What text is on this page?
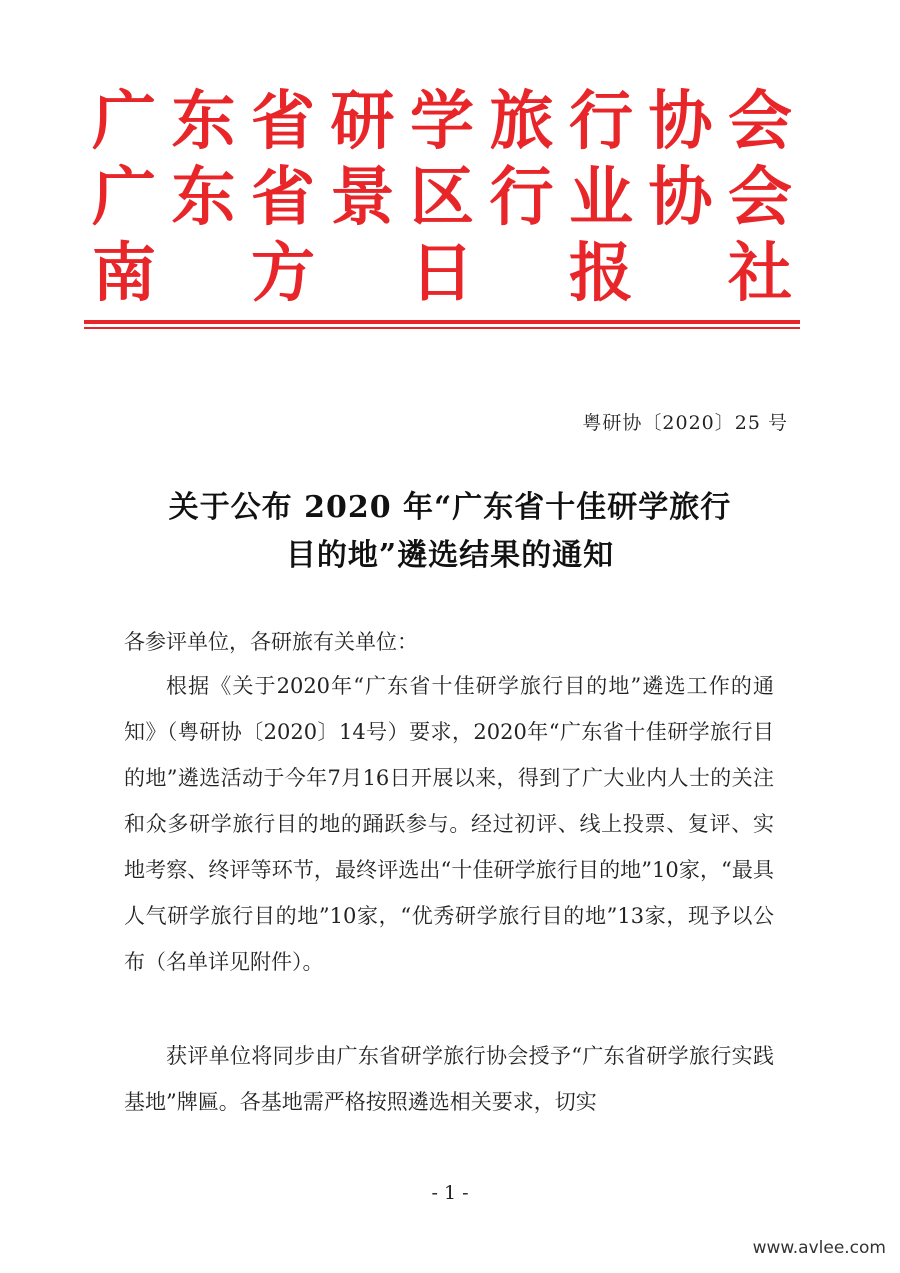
广 东 省 研 学 旅 行 协 会
广 东 省 景 区 行 业 协 会
南 方 日 报 社
粤研协〔2020〕25 号
关于公布 2020 年“广东省十佳研学旅行
目的地”遴选结果的通知
各参评单位，各研旅有关单位：

根据《关于2020年“广东省十佳研学旅行目的地”遴选工作的通知》（粤研协〔2020〕14号）要求，2020年“广东省十佳研学旅行目的地”遴选活动于今年7月16日开展以来，得到了广大业内人士的关注和众多研学旅行目的地的踊跃参与。经过初评、线上投票、复评、实地考察、终评等环节，最终评选出“十佳研学旅行目的地”10家，“最具人气研学旅行目的地”10家，“优秀研学旅行目的地”13家，现予以公布（名单详见附件）。

获评单位将同步由广东省研学旅行协会授予“广东省研学旅行实践基地”牌匾。各基地需严格按照遴选相关要求，切实

- 1 -
www.avlee.com
